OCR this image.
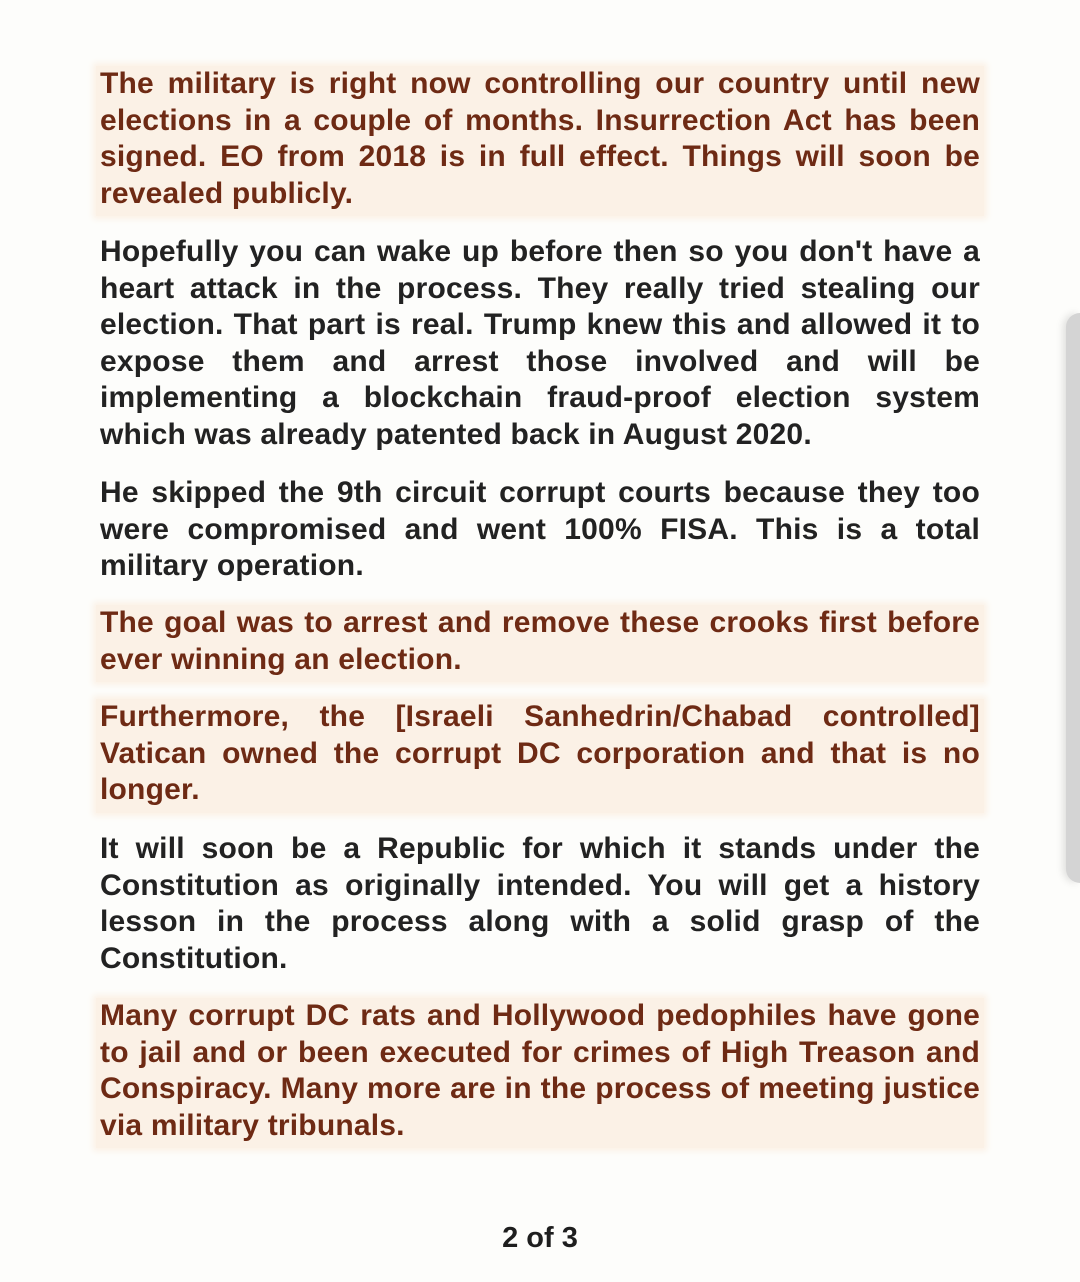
The military is right now controlling our country until new elections in a couple of months. Insurrection Act has been signed. EO from 2018 is in full effect. Things will soon be revealed publicly.

Hopefully you can wake up before then so you don't have a heart attack in the process. They really tried stealing our election. That part is real. Trump knew this and allowed it to expose them and arrest those involved and will be implementing a blockchain fraud-proof election system which was already patented back in August 2020.

He skipped the 9th circuit corrupt courts because they too were compromised and went 100% FISA. This is a total military operation.

The goal was to arrest and remove these crooks first before ever winning an election.

Furthermore, the [Israeli Sanhedrin/Chabad controlled] Vatican owned the corrupt DC corporation and that is no longer.

It will soon be a Republic for which it stands under the Constitution as originally intended. You will get a history lesson in the process along with a solid grasp of the Constitution.

Many corrupt DC rats and Hollywood pedophiles have gone to jail and or been executed for crimes of High Treason and Conspiracy. Many more are in the process of meeting justice via military tribunals.

2 of 3
